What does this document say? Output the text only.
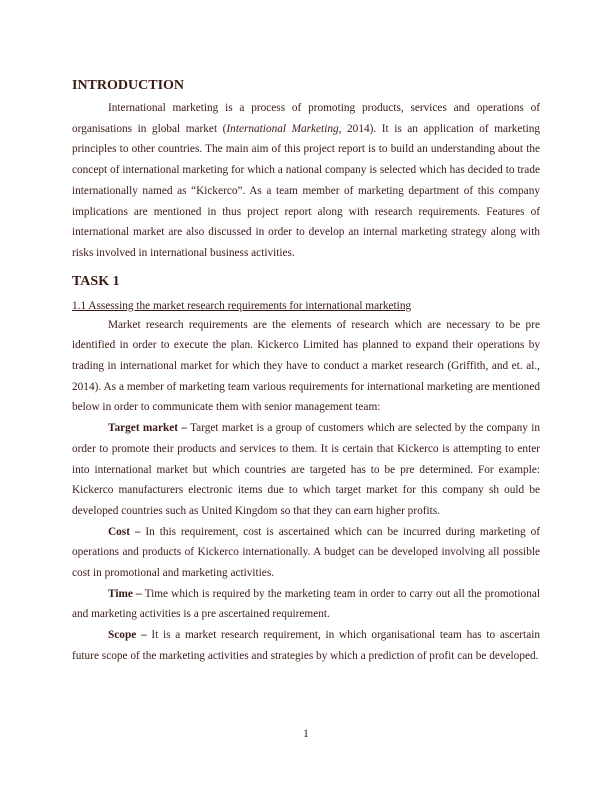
INTRODUCTION

International marketing is a process of promoting products, services and operations of organisations in global market (International Marketing, 2014). It is an application of marketing principles to other countries. The main aim of this project report is to build an understanding about the concept of international marketing for which a national company is selected which has decided to trade internationally named as “Kickerco”. As a team member of marketing department of this company implications are mentioned in thus project report along with research requirements. Features of international market are also discussed in order to develop an internal marketing strategy along with risks involved in international business activities.

TASK 1
1.1 Assessing the market research requirements for international marketing

Market research requirements are the elements of research which are necessary to be pre identified in order to execute the plan. Kickerco Limited has planned to expand their operations by trading in international market for which they have to conduct a market research (Griffith, and et. al., 2014). As a member of marketing team various requirements for international marketing are mentioned below in order to communicate them with senior management team:

Target market – Target market is a group of customers which are selected by the company in order to promote their products and services to them. It is certain that Kickerco is attempting to enter into international market but which countries are targeted has to be pre determined. For example: Kickerco manufacturers electronic items due to which target market for this company sh ould be developed countries such as United Kingdom so that they can earn higher profits.

Cost – In this requirement, cost is ascertained which can be incurred during marketing of operations and products of Kickerco internationally. A budget can be developed involving all possible cost in promotional and marketing activities.

Time – Time which is required by the marketing team in order to carry out all the promotional and marketing activities is a pre ascertained requirement.

Scope – It is a market research requirement, in which organisational team has to ascertain future scope of the marketing activities and strategies by which a prediction of profit can be developed.

1
